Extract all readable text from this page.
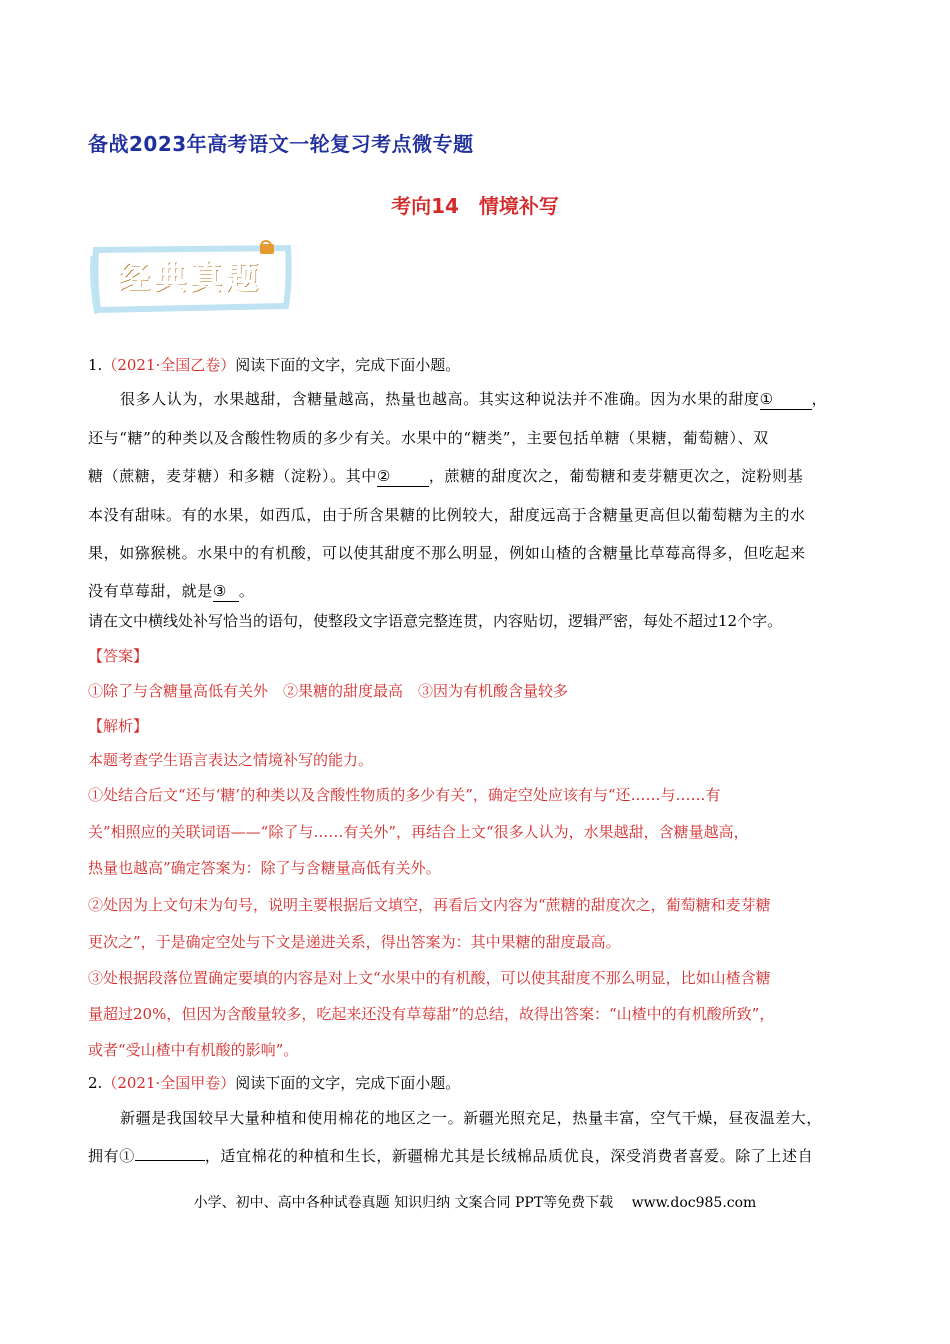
备战2023年高考语文一轮复习考点微专题
考向14　情境补写
经典真题
1.（2021·全国乙卷）阅读下面的文字，完成下面小题。
很多人认为，水果越甜，含糖量越高，热量也越高。其实这种说法并不准确。因为水果的甜度①	，
还与“糖”的种类以及含酸性物质的多少有关。水果中的“糖类”，主要包括单糖（果糖，葡萄糖）、双
糖（蔗糖，麦芽糖）和多糖（淀粉）。其中②	，蔗糖的甜度次之，葡萄糖和麦芽糖更次之，淀粉则基
本没有甜味。有的水果，如西瓜，由于所含果糖的比例较大，甜度远高于含糖量更高但以葡萄糖为主的水
果，如猕猴桃。水果中的有机酸，可以使其甜度不那么明显，例如山楂的含糖量比草莓高得多，但吃起来
没有草莓甜，就是③ 。
请在文中横线处补写恰当的语句，使整段文字语意完整连贯，内容贴切，逻辑严密，每处不超过12个字。
【答案】
①除了与含糖量高低有关外　②果糖的甜度最高　③因为有机酸含量较多
【解析】
本题考查学生语言表达之情境补写的能力。
①处结合后文“还与‘糖’的种类以及含酸性物质的多少有关”，确定空处应该有与“还……与……有
关”相照应的关联词语——“除了与……有关外”，再结合上文“很多人认为，水果越甜，含糖量越高，
热量也越高”确定答案为：除了与含糖量高低有关外。
②处因为上文句末为句号，说明主要根据后文填空，再看后文内容为“蔗糖的甜度次之，葡萄糖和麦芽糖
更次之”，于是确定空处与下文是递进关系，得出答案为：其中果糖的甜度最高。
③处根据段落位置确定要填的内容是对上文“水果中的有机酸，可以使其甜度不那么明显，比如山楂含糖
量超过20%，但因为含酸量较多，吃起来还没有草莓甜”的总结，故得出答案：“山楂中的有机酸所致”，
或者“受山楂中有机酸的影响”。
2.（2021·全国甲卷）阅读下面的文字，完成下面小题。
新疆是我国较早大量种植和使用棉花的地区之一。新疆光照充足，热量丰富，空气干燥，昼夜温差大，
拥有①	，适宜棉花的种植和生长，新疆棉尤其是长绒棉品质优良，深受消费者喜爱。除了上述自
小学、初中、高中各种试卷真题 知识归纳 文案合同 PPT等免费下载　 www.doc985.com
